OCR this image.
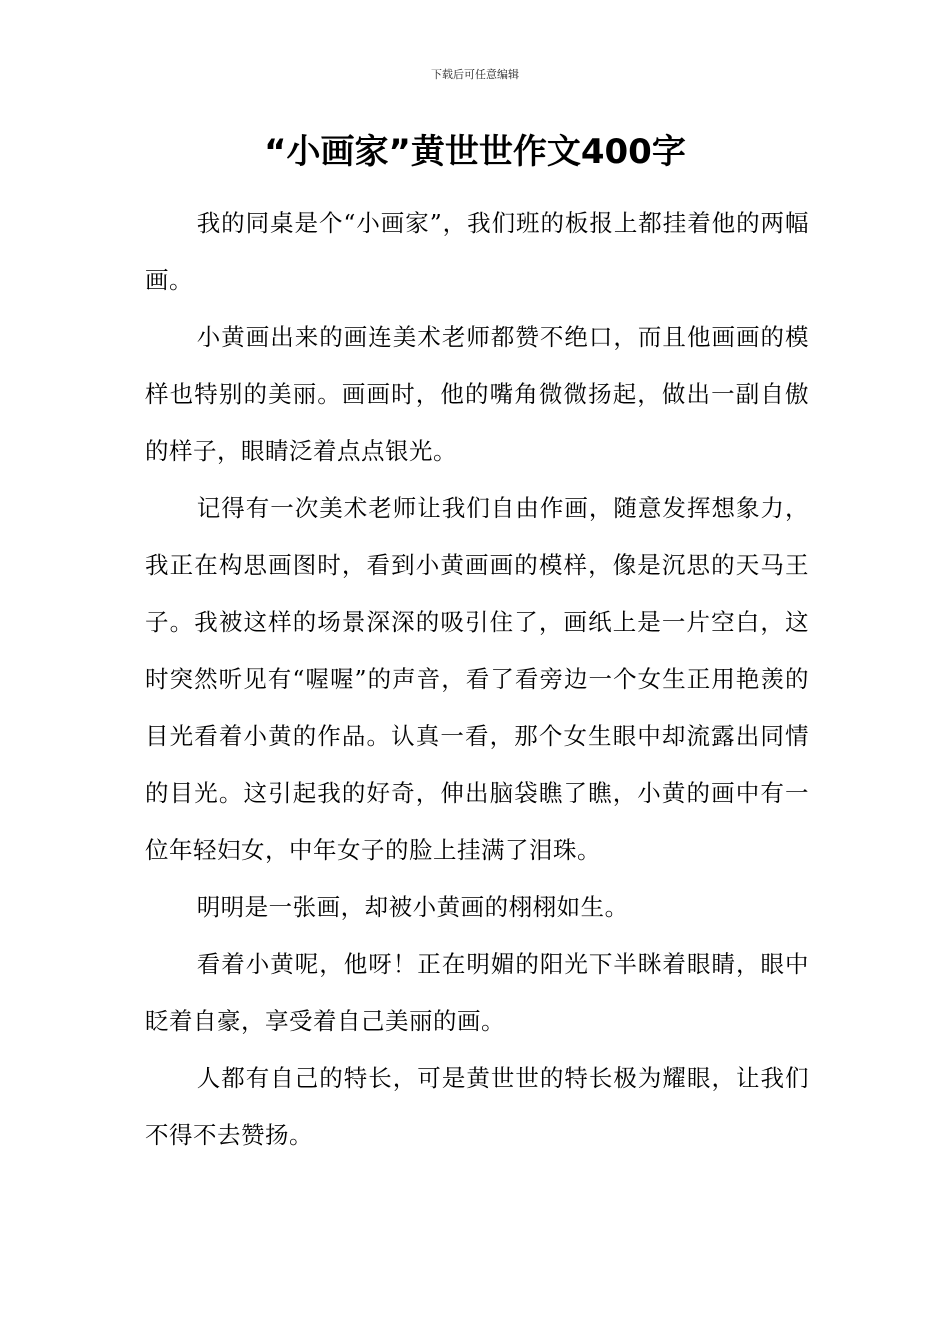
下载后可任意编辑
“小画家”黄世世作文400字

我的同桌是个“小画家”，我们班的板报上都挂着他的两幅画。

小黄画出来的画连美术老师都赞不绝口，而且他画画的模样也特别的美丽。画画时，他的嘴角微微扬起，做出一副自傲的样子，眼睛泛着点点银光。

记得有一次美术老师让我们自由作画，随意发挥想象力，我正在构思画图时，看到小黄画画的模样，像是沉思的天马王子。我被这样的场景深深的吸引住了，画纸上是一片空白，这时突然听见有“喔喔”的声音，看了看旁边一个女生正用艳羡的目光看着小黄的作品。认真一看，那个女生眼中却流露出同情的目光。这引起我的好奇，伸出脑袋瞧了瞧，小黄的画中有一位年轻妇女，中年女子的脸上挂满了泪珠。

明明是一张画，却被小黄画的栩栩如生。

看着小黄呢，他呀！正在明媚的阳光下半眯着眼睛，眼中眨着自豪，享受着自己美丽的画。

人都有自己的特长，可是黄世世的特长极为耀眼，让我们不得不去赞扬。
